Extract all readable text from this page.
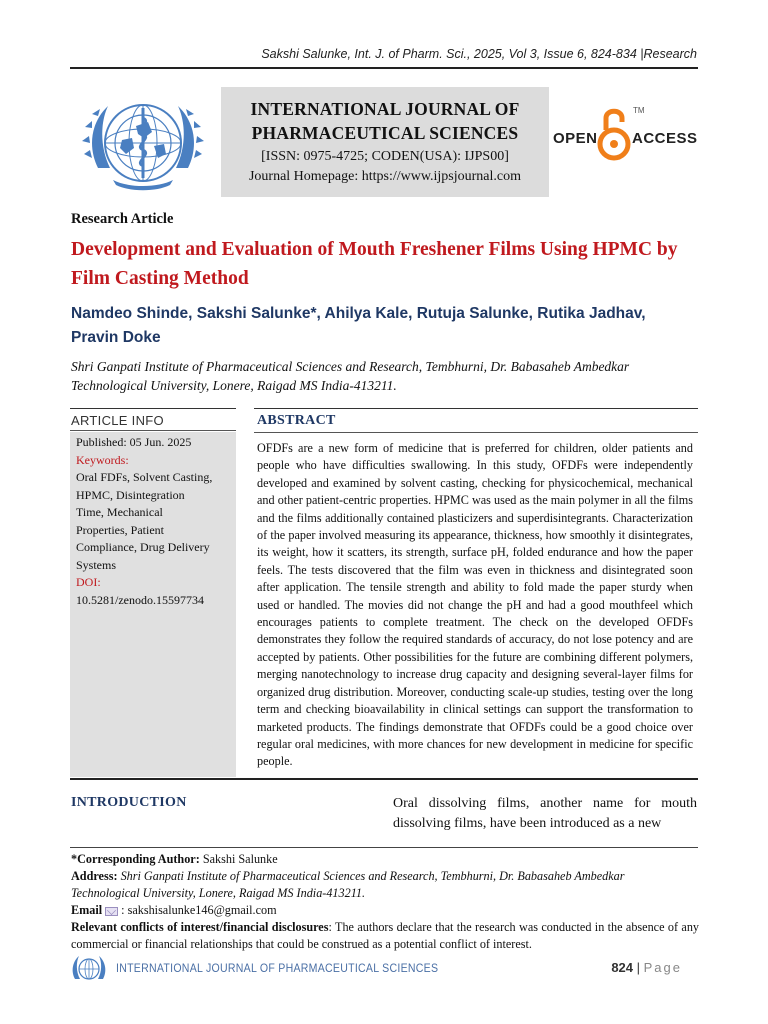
Sakshi Salunke, Int. J. of Pharm. Sci., 2025, Vol 3, Issue 6, 824-834 |Research
INTERNATIONAL JOURNAL OF
PHARMACEUTICAL SCIENCES
[ISSN: 0975-4725; CODEN(USA): IJPS00]
Journal Homepage: https://www.ijpsjournal.com
OPEN
TM
ACCESS
Research Article
Development and Evaluation of Mouth Freshener Films Using HPMC by Film Casting Method
Namdeo Shinde, Sakshi Salunke*, Ahilya Kale, Rutuja Salunke, Rutika Jadhav,
Pravin Doke
Shri Ganpati Institute of Pharmaceutical Sciences and Research, Tembhurni, Dr. Babasaheb Ambedkar
Technological University, Lonere, Raigad MS India-413211.
ARTICLE INFO
Published: 05 Jun. 2025
Keywords:
Oral FDFs, Solvent Casting,
HPMC, Disintegration
Time, Mechanical
Properties, Patient
Compliance, Drug Delivery
Systems
DOI:
10.5281/zenodo.15597734
ABSTRACT
OFDFs are a new form of medicine that is preferred for children, older patients and people who have difficulties swallowing. In this study, OFDFs were independently developed and examined by solvent casting, checking for physicochemical, mechanical and other patient-centric properties. HPMC was used as the main polymer in all the films and the films additionally contained plasticizers and superdisintegrants. Characterization of the paper involved measuring its appearance, thickness, how smoothly it disintegrates, its weight, how it scatters, its strength, surface pH, folded endurance and how the paper feels. The tests discovered that the film was even in thickness and disintegrated soon after application. The tensile strength and ability to fold made the paper sturdy when used or handled. The movies did not change the pH and had a good mouthfeel which encourages patients to complete treatment. The check on the developed OFDFs demonstrates they follow the required standards of accuracy, do not lose potency and are accepted by patients. Other possibilities for the future are combining different polymers, merging nanotechnology to increase drug capacity and designing several-layer films for organized drug distribution. Moreover, conducting scale-up studies, testing over the long term and checking bioavailability in clinical settings can support the transformation to marketed products. The findings demonstrate that OFDFs could be a good choice over regular oral medicines, with more chances for new development in medicine for specific people.
INTRODUCTION	Oral dissolving films, another name for mouth dissolving films, have been introduced as a new
*Corresponding Author: Sakshi Salunke
Address: Shri Ganpati Institute of Pharmaceutical Sciences and Research, Tembhurni, Dr. Babasaheb Ambedkar
Technological University, Lonere, Raigad MS India-413211.
Email : sakshisalunke146@gmail.com
Relevant conflicts of interest/financial disclosures: The authors declare that the research was conducted in the absence of any commercial or financial relationships that could be construed as a potential conflict of interest.
INTERNATIONAL JOURNAL OF PHARMACEUTICAL SCIENCES	824 | Page
